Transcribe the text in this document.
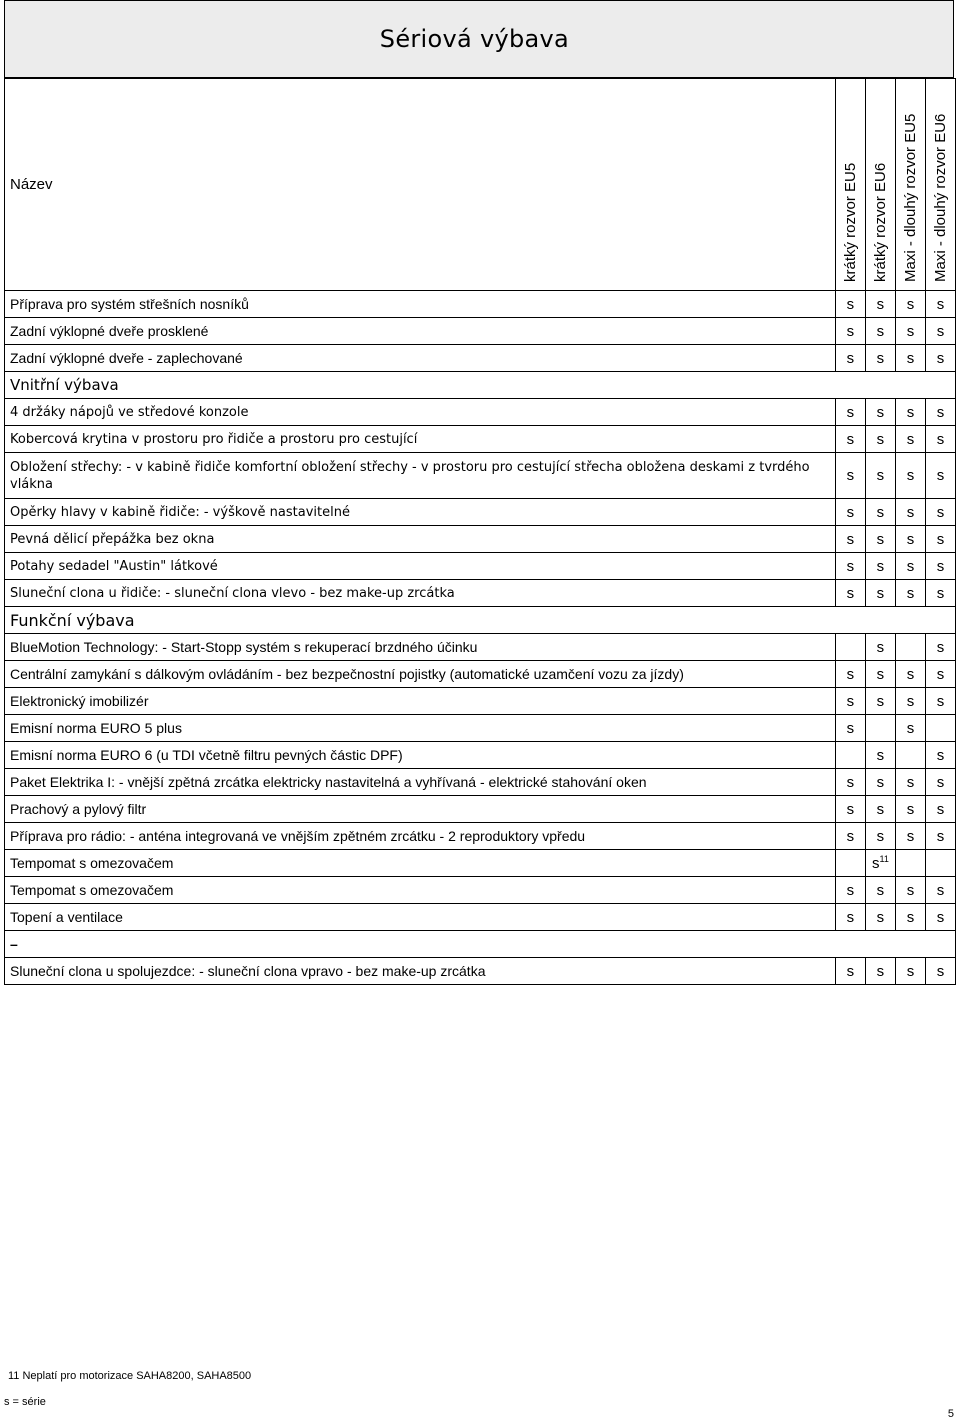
Sériová výbava
Název	krátký rozvor EU5	krátký rozvor EU6	Maxi - dlouhý rozvor EU5	Maxi - dlouhý rozvor EU6

Příprava pro systém střešních nosníků	s	s	s	s
Zadní výklopné dveře prosklené	s	s	s	s
Zadní výklopné dveře - zaplechované	s	s	s	s
Vnitřní výbava				
4 držáky nápojů ve středové konzole	s	s	s	s
Kobercová krytina v prostoru pro řidiče a prostoru pro cestující	s	s	s	s
Obložení střechy: - v kabině řidiče komfortní obložení střechy - v prostoru pro cestující střecha obložena deskami z tvrdého vlákna	s	s	s	s
Opěrky hlavy v kabině řidiče: - výškově nastavitelné	s	s	s	s
Pevná dělicí přepážka bez okna	s	s	s	s
Potahy sedadel "Austin" látkové	s	s	s	s
Sluneční clona u řidiče: - sluneční clona vlevo - bez make-up zrcátka	s	s	s	s
Funkční výbava				
BlueMotion Technology: - Start-Stopp systém s rekuperací brzdného účinku		s		s
Centrální zamykání s dálkovým ovládáním - bez bezpečnostní pojistky (automatické uzamčení vozu za jízdy)	s	s	s	s
Elektronický imobilizér	s	s	s	s
Emisní norma EURO 5 plus	s		s	
Emisní norma EURO 6 (u TDI včetně filtru pevných částic DPF)		s		s
Paket Elektrika I: - vnější zpětná zrcátka elektricky nastavitelná a vyhřívaná - elektrické stahování oken	s	s	s	s
Prachový a pylový filtr	s	s	s	s
Příprava pro rádio: - anténa integrovaná ve vnějším zpětném zrcátku - 2 reproduktory vpředu	s	s	s	s
Tempomat s omezovačem		$s^{11}$		
Tempomat s omezovačem	s	s	s	s
Topení a ventilace	s	s	s	s
–				
Sluneční clona u spolujezdce: - sluneční clona vpravo - bez make-up zrcátka	s	s	s	s
11 Neplatí pro motorizace SAHA8200, SAHA8500
s = série
5
